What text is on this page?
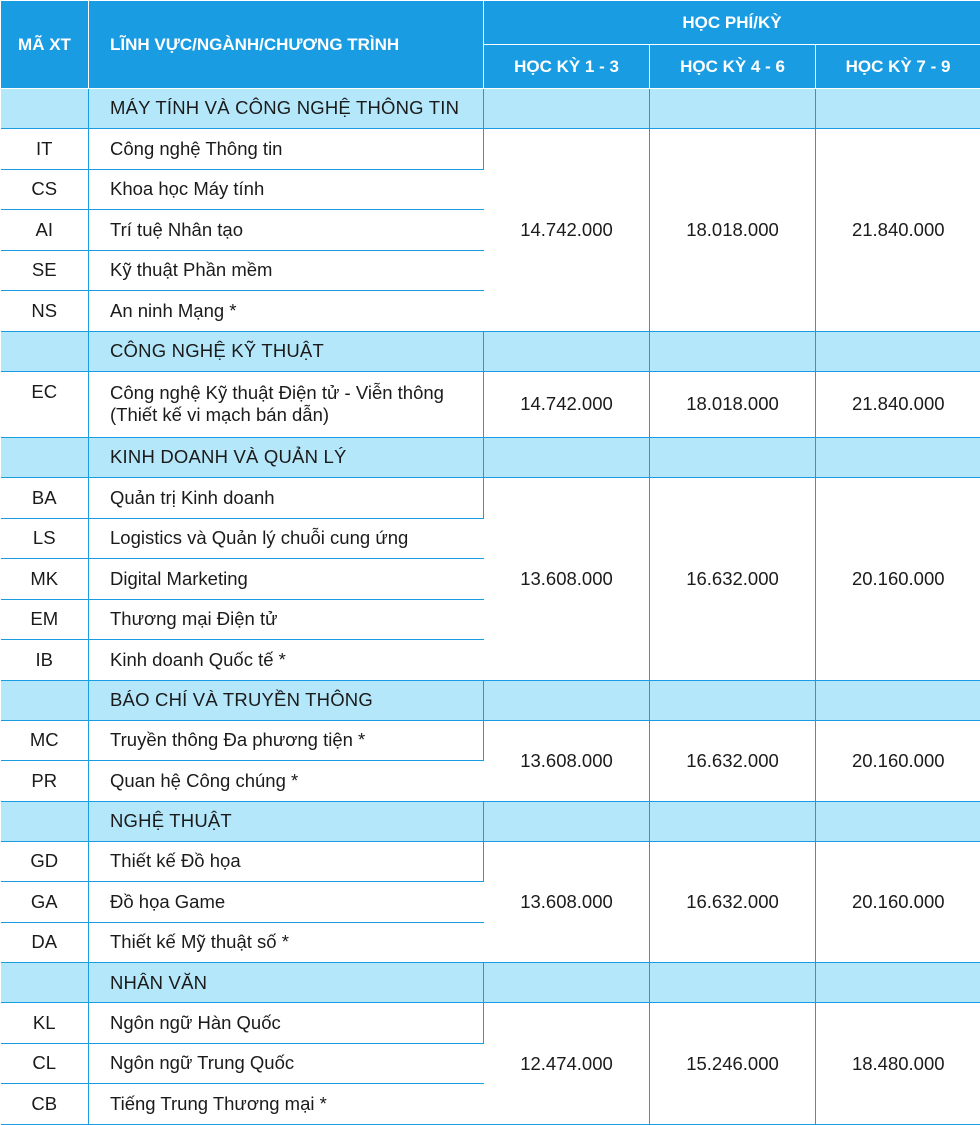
MÃ XT	LĨNH VỰC/NGÀNH/CHƯƠNG TRÌNH	HỌC PHÍ/KỲ		
		HỌC KỲ 1 - 3	HỌC KỲ 4 - 6	HỌC KỲ 7 - 9
	MÁY TÍNH VÀ CÔNG NGHỆ THÔNG TIN			
IT	Công nghệ Thông tin	14.742.000	18.018.000	21.840.000
CS	Khoa học Máy tính			

AI	Trí tuệ Nhân tạo			

SE	Kỹ thuật Phần mềm			

NS	An ninh Mạng *			

	CÔNG NGHỆ KỸ THUẬT			
EC	Công nghệ Kỹ thuật Điện tử - Viễn thông
(Thiết kế vi mạch bán dẫn)	14.742.000	18.018.000	21.840.000
	KINH DOANH VÀ QUẢN LÝ			
BA	Quản trị Kinh doanh	13.608.000	16.632.000	20.160.000
LS	Logistics và Quản lý chuỗi cung ứng			

MK	Digital Marketing			

EM	Thương mại Điện tử			

IB	Kinh doanh Quốc tế *			

	BÁO CHÍ VÀ TRUYỀN THÔNG			
MC	Truyền thông Đa phương tiện *	13.608.000	16.632.000	20.160.000
PR	Quan hệ Công chúng *			

	NGHỆ THUẬT			
GD	Thiết kế Đồ họa	13.608.000	16.632.000	20.160.000
GA	Đồ họa Game			

DA	Thiết kế Mỹ thuật số *			

	NHÂN VĂN			
KL	Ngôn ngữ Hàn Quốc	12.474.000	15.246.000	18.480.000
CL	Ngôn ngữ Trung Quốc			

CB	Tiếng Trung Thương mại *			
